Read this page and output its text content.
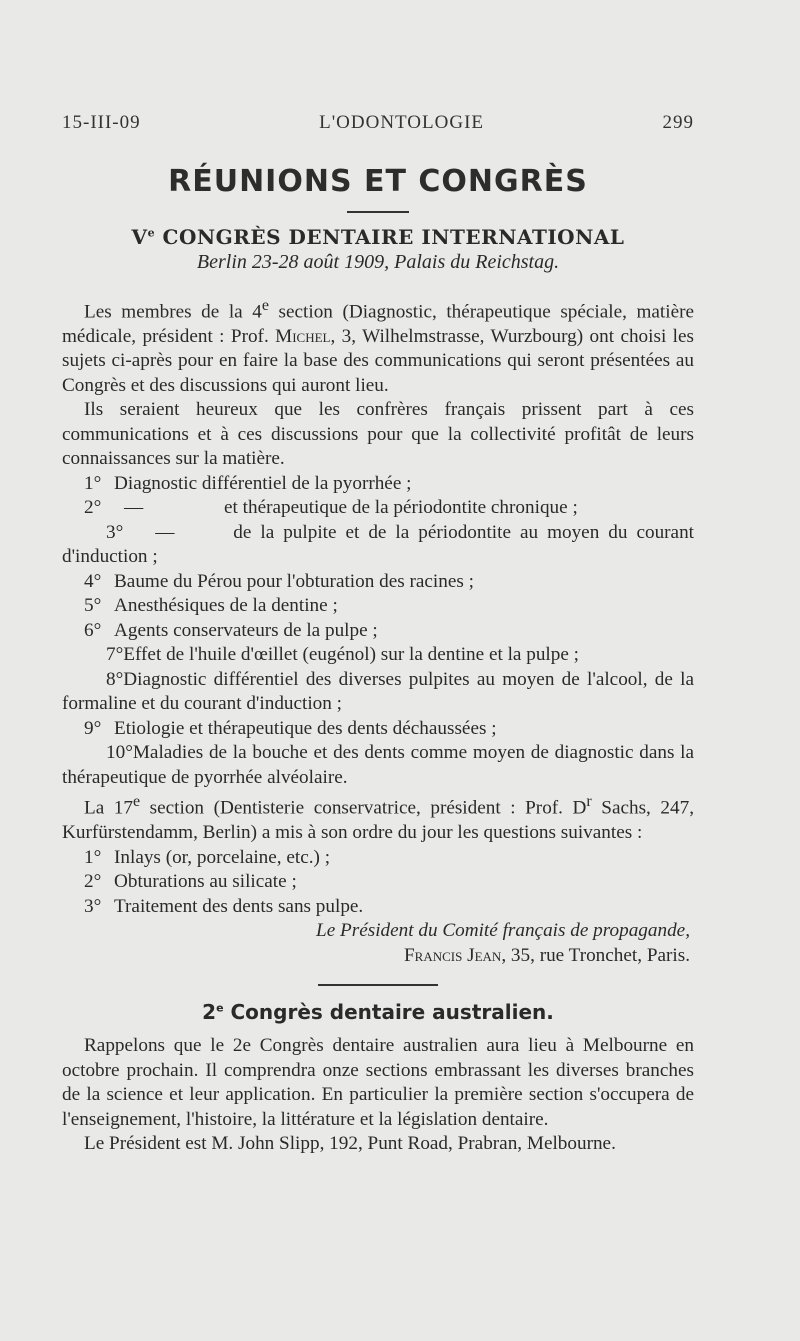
15-III-09	L'ODONTOLOGIE	299
RÉUNIONS ET CONGRÈS
Ve CONGRÈS DENTAIRE INTERNATIONAL
Berlin 23-28 août 1909, Palais du Reichstag.

Les membres de la 4e section (Diagnostic, thérapeutique spéciale, matière médicale, président : Prof. Michel, 3, Wilhelmstrasse, Wurzbourg) ont choisi les sujets ci-après pour en faire la base des communications qui seront présentées au Congrès et des discussions qui auront lieu.

Ils seraient heureux que les confrères français prissent part à ces communications et à ces discussions pour que la collectivité profitât de leurs connaissances sur la matière.

1° Diagnostic différentiel de la pyorrhée ;
2° —	et thérapeutique de la périodontite chronique ;
3° —	de la pulpite et de la périodontite au moyen du courant d'induction ;
4° Baume du Pérou pour l'obturation des racines ;
5° Anesthésiques de la dentine ;
6° Agents conservateurs de la pulpe ;
7°Effet de l'huile d'œillet (eugénol) sur la dentine et la pulpe ;
8°Diagnostic différentiel des diverses pulpites au moyen de l'alcool, de la formaline et du courant d'induction ;
9° Etiologie et thérapeutique des dents déchaussées ;
10°Maladies de la bouche et des dents comme moyen de diagnostic dans la thérapeutique de pyorrhée alvéolaire.

La 17e section (Dentisterie conservatrice, président : Prof. $D^r$ Sachs, 247, Kurfürstendamm, Berlin) a mis à son ordre du jour les questions suivantes :

1° Inlays (or, porcelaine, etc.) ;
2° Obturations au silicate ;
3° Traitement des dents sans pulpe.
Le Président du Comité français de propagande,
Francis Jean, 35, rue Tronchet, Paris.
2e Congrès dentaire australien.

Rappelons que le 2e Congrès dentaire australien aura lieu à Melbourne en octobre prochain. Il comprendra onze sections embrassant les diverses branches de la science et leur application. En particulier la première section s'occupera de l'enseignement, l'histoire, la littérature et la législation dentaire.

Le Président est M. John Slipp, 192, Punt Road, Prabran, Melbourne.
